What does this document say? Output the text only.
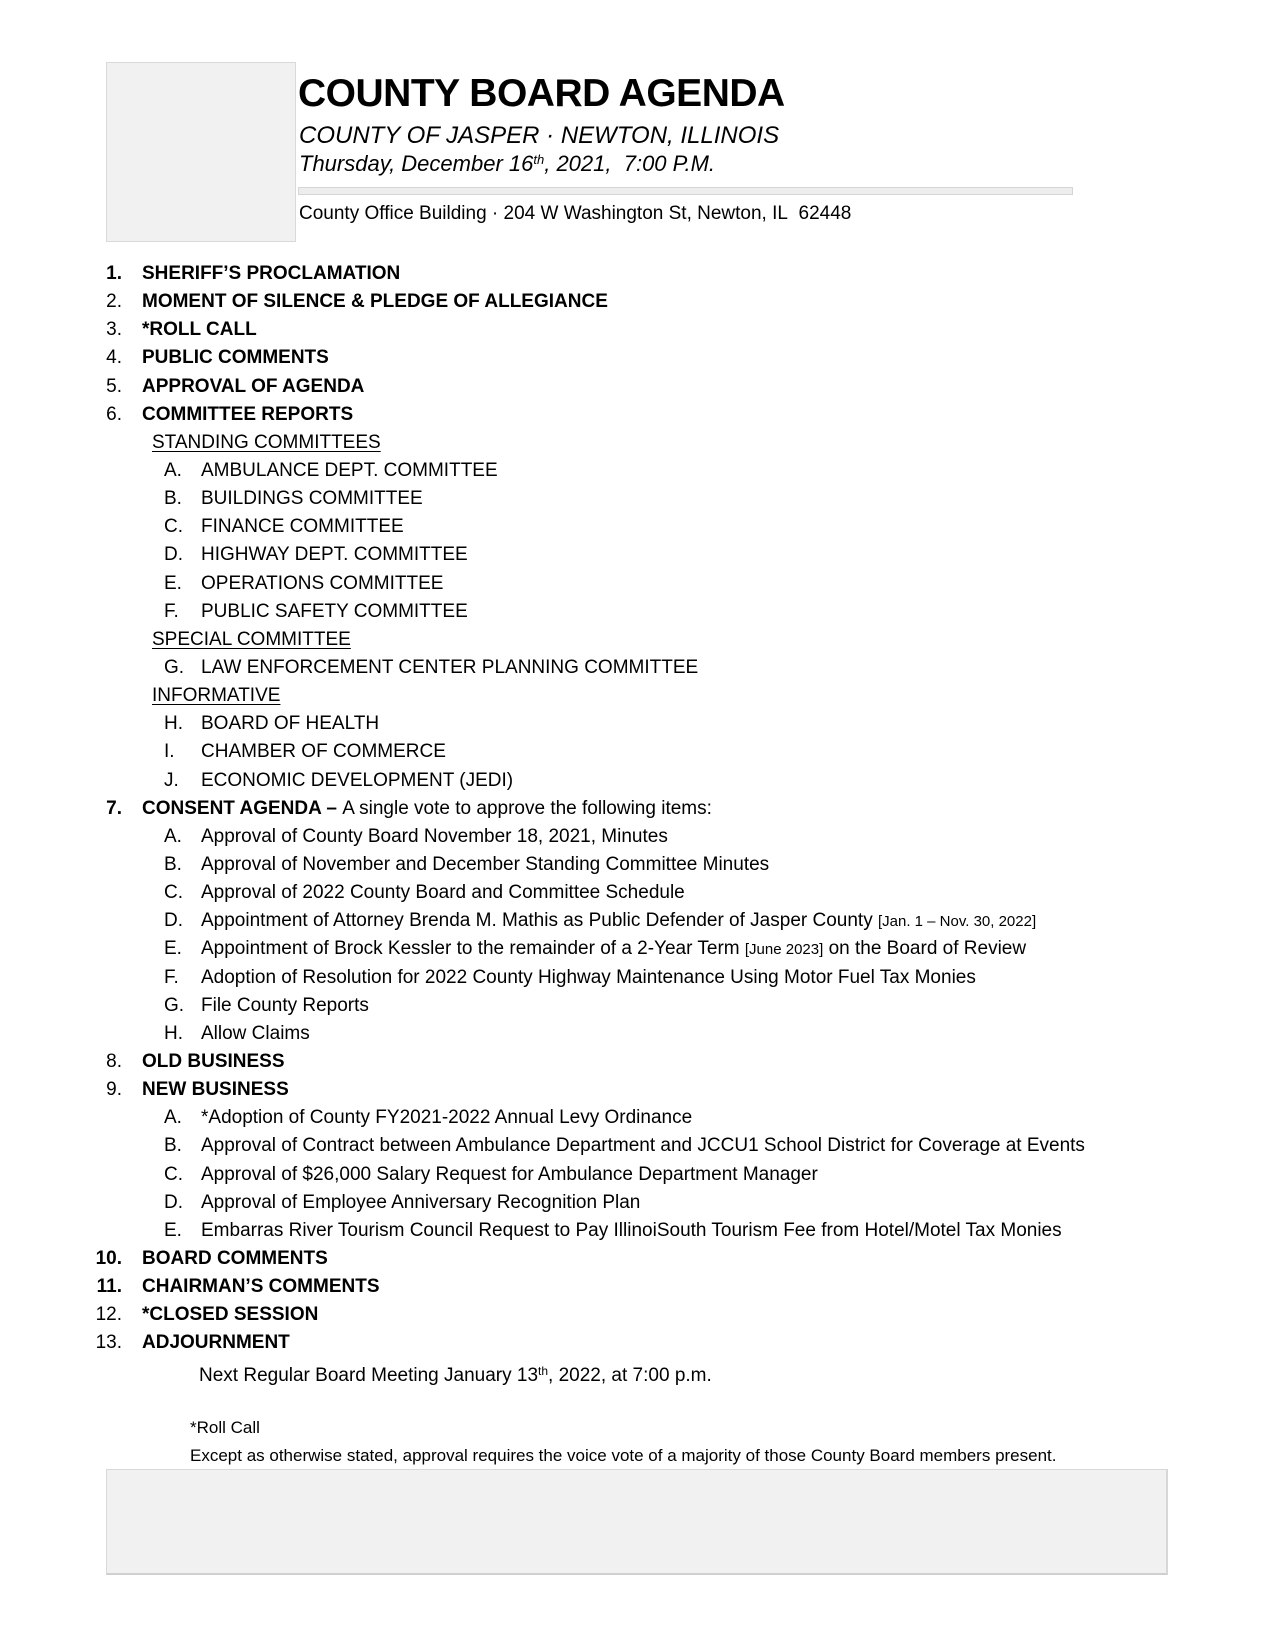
COUNTY BOARD AGENDA
COUNTY OF JASPER · NEWTON, ILLINOIS
Thursday, December 16th, 2021,  7:00 P.M.
County Office Building · 204 W Washington St, Newton, IL  62448
1. SHERIFF’S PROCLAMATION
2. MOMENT OF SILENCE & PLEDGE OF ALLEGIANCE
3. *ROLL CALL
4. PUBLIC COMMENTS
5. APPROVAL OF AGENDA
6. COMMITTEE REPORTS
STANDING COMMITTEES
A. AMBULANCE DEPT. COMMITTEE
B. BUILDINGS COMMITTEE
C. FINANCE COMMITTEE
D. HIGHWAY DEPT. COMMITTEE
E. OPERATIONS COMMITTEE
F. PUBLIC SAFETY COMMITTEE
SPECIAL COMMITTEE
G. LAW ENFORCEMENT CENTER PLANNING COMMITTEE
INFORMATIVE
H. BOARD OF HEALTH
I. CHAMBER OF COMMERCE
J. ECONOMIC DEVELOPMENT (JEDI)
7. CONSENT AGENDA – A single vote to approve the following items:
A. Approval of County Board November 18, 2021, Minutes
B. Approval of November and December Standing Committee Minutes
C. Approval of 2022 County Board and Committee Schedule
D. Appointment of Attorney Brenda M. Mathis as Public Defender of Jasper County [Jan. 1 – Nov. 30, 2022]
E. Appointment of Brock Kessler to the remainder of a 2-Year Term [June 2023] on the Board of Review
F. Adoption of Resolution for 2022 County Highway Maintenance Using Motor Fuel Tax Monies
G. File County Reports
H. Allow Claims
8. OLD BUSINESS
9. NEW BUSINESS
A. *Adoption of County FY2021-2022 Annual Levy Ordinance
B. Approval of Contract between Ambulance Department and JCCU1 School District for Coverage at Events
C. Approval of $26,000 Salary Request for Ambulance Department Manager
D. Approval of Employee Anniversary Recognition Plan
E. Embarras River Tourism Council Request to Pay IllinoiSouth Tourism Fee from Hotel/Motel Tax Monies
10. BOARD COMMENTS
11. CHAIRMAN’S COMMENTS
12. *CLOSED SESSION
13. ADJOURNMENT
Next Regular Board Meeting January 13th, 2022, at 7:00 p.m.
*Roll Call
Except as otherwise stated, approval requires the voice vote of a majority of those County Board members present.
